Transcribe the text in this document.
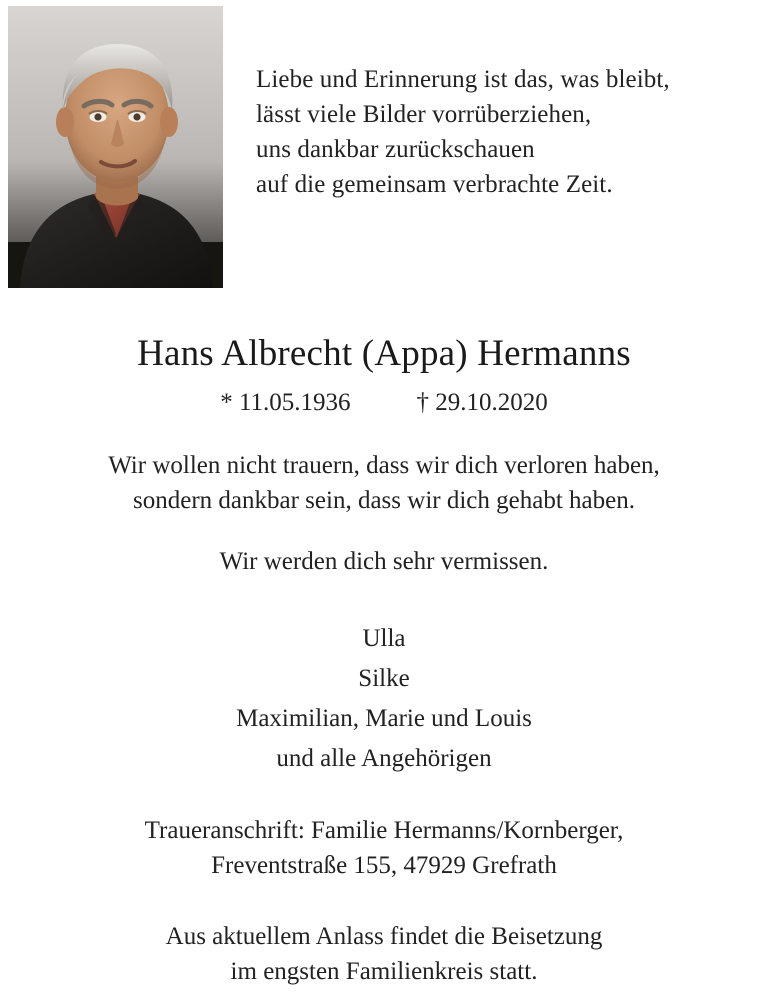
Liebe und Erinnerung ist das, was bleibt,
lässt viele Bilder vorrüberziehen,
uns dankbar zurückschauen
auf die gemeinsam verbrachte Zeit.
Hans Albrecht (Appa) Hermanns
* 11.05.1936	† 29.10.2020
Wir wollen nicht trauern, dass wir dich verloren haben,
sondern dankbar sein, dass wir dich gehabt haben.
Wir werden dich sehr vermissen.
Ulla
Silke
Maximilian, Marie und Louis
und alle Angehörigen
Traueranschrift: Familie Hermanns/Kornberger,
Freventstraße 155, 47929 Grefrath
Aus aktuellem Anlass findet die Beisetzung
im engsten Familienkreis statt.
